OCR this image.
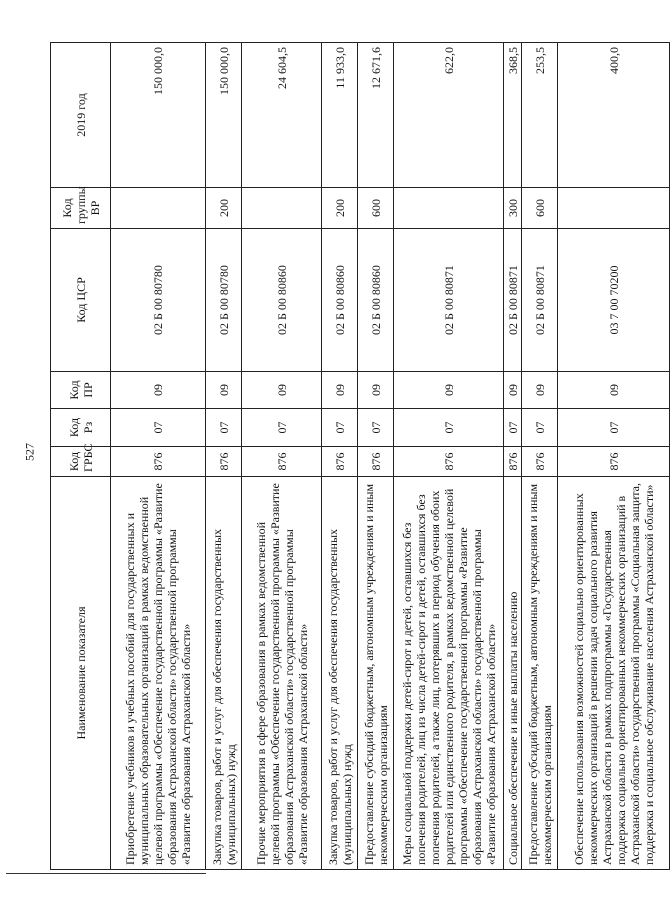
527
Наименование показателя	Код ГРБС	Код Рз	Код ПР	Код ЦСР	Код группы ВР	2019 год
Приобретение учебников и учебных пособий для государственных и муниципальных образовательных организаций в рамках ведомственной целевой программы «Обеспечение государственной программы «Развитие образования Астраханской области» государственной программы «Развитие образования Астраханской области»	876	07	09	02 Б 00 80780		150 000,0
Закупка товаров, работ и услуг для обеспечения государственных (муниципальных) нужд	876	07	09	02 Б 00 80780	200	150 000,0
Прочие мероприятия в сфере образования в рамках ведомственной целевой программы «Обеспечение государственной программы «Развитие образования Астраханской области» государственной программы «Развитие образования Астраханской области»	876	07	09	02 Б 00 80860		24 604,5
Закупка товаров, работ и услуг для обеспечения государственных (муниципальных) нужд	876	07	09	02 Б 00 80860	200	11 933,0
Предоставление субсидий бюджетным, автономным учреждениям и иным некоммерческим организациям	876	07	09	02 Б 00 80860	600	12 671,6
Меры социальной поддержки детей-сирот и детей, оставшихся без попечения родителей, лиц из числа детей-сирот и детей, оставшихся без попечения родителей, а также лиц, потерявших в период обучения обоих родителей или единственного родителя, в рамках ведомственной целевой программы «Обеспечение государственной программы «Развитие образования Астраханской области» государственной программы «Развитие образования Астраханской области»	876	07	09	02 Б 00 80871		622,0
Социальное обеспечение и иные выплаты населению	876	07	09	02 Б 00 80871	300	368,5
Предоставление субсидий бюджетным, автономным учреждениям и иным некоммерческим организациям	876	07	09	02 Б 00 80871	600	253,5
Обеспечение использования возможностей социально ориентированных некоммерческих организаций в решении задач социального развития Астраханской области в рамках подпрограммы «Государственная поддержка социально ориентированных некоммерческих организаций в Астраханской области» государственной программы «Социальная защита, поддержка и социальное обслуживание населения Астраханской области»	876	07	09	03 7 00 70200		400,0
